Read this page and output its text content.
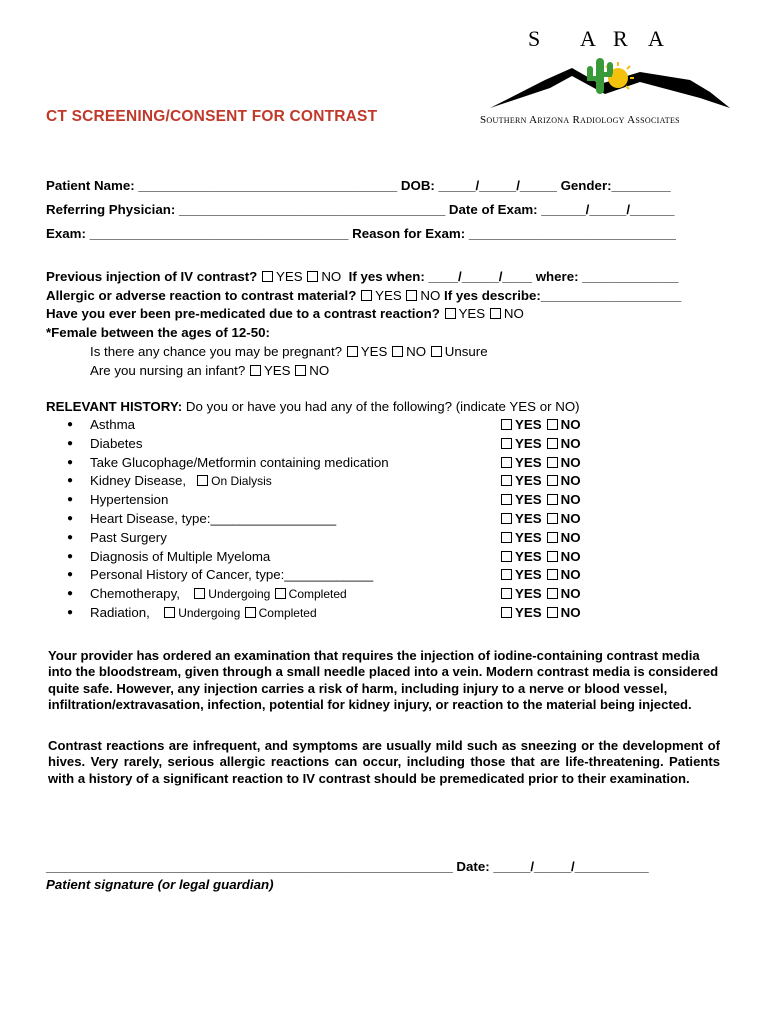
S A R A
Southern Arizona Radiology Associates
CT SCREENING/CONSENT FOR CONTRAST
Patient Name: ___________________________________ DOB: _____/_____/_____ Gender:________
Referring Physician: ____________________________________ Date of Exam: ______/_____/______
Exam: ___________________________________ Reason for Exam: ____________________________
Previous injection of IV contrast? YES NO If yes when: ____/_____/____ where: _____________
Allergic or adverse reaction to contrast material? YES NO If yes describe:___________________
Have you ever been pre-medicated due to a contrast reaction? YES NO
*Female between the ages of 12-50:
Is there any chance you may be pregnant? YES NO Unsure
Are you nursing an infant? YES NO
RELEVANT HISTORY: Do you or have you had any of the following? (indicate YES or NO)
● Asthma	YES NO
● Diabetes	YES NO
● Take Glucophage/Metformin containing medication	YES NO
● Kidney Disease, On Dialysis	YES NO
● Hypertension	YES NO
● Heart Disease, type:_________________	YES NO
● Past Surgery	YES NO
● Diagnosis of Multiple Myeloma	YES NO
● Personal History of Cancer, type:____________	YES NO
● Chemotherapy, Undergoing Completed	YES NO
● Radiation, Undergoing Completed	YES NO
Your provider has ordered an examination that requires the injection of iodine-containing contrast media into the bloodstream, given through a small needle placed into a vein. Modern contrast media is considered quite safe. However, any injection carries a risk of harm, including injury to a nerve or blood vessel, infiltration/extravasation, infection, potential for kidney injury, or reaction to the material being injected.
Contrast reactions are infrequent, and symptoms are usually mild such as sneezing or the development of hives. Very rarely, serious allergic reactions can occur, including those that are life-threatening. Patients with a history of a significant reaction to IV contrast should be premedicated prior to their examination.
_______________________________________________________ Date: _____/_____/__________
Patient signature (or legal guardian)
